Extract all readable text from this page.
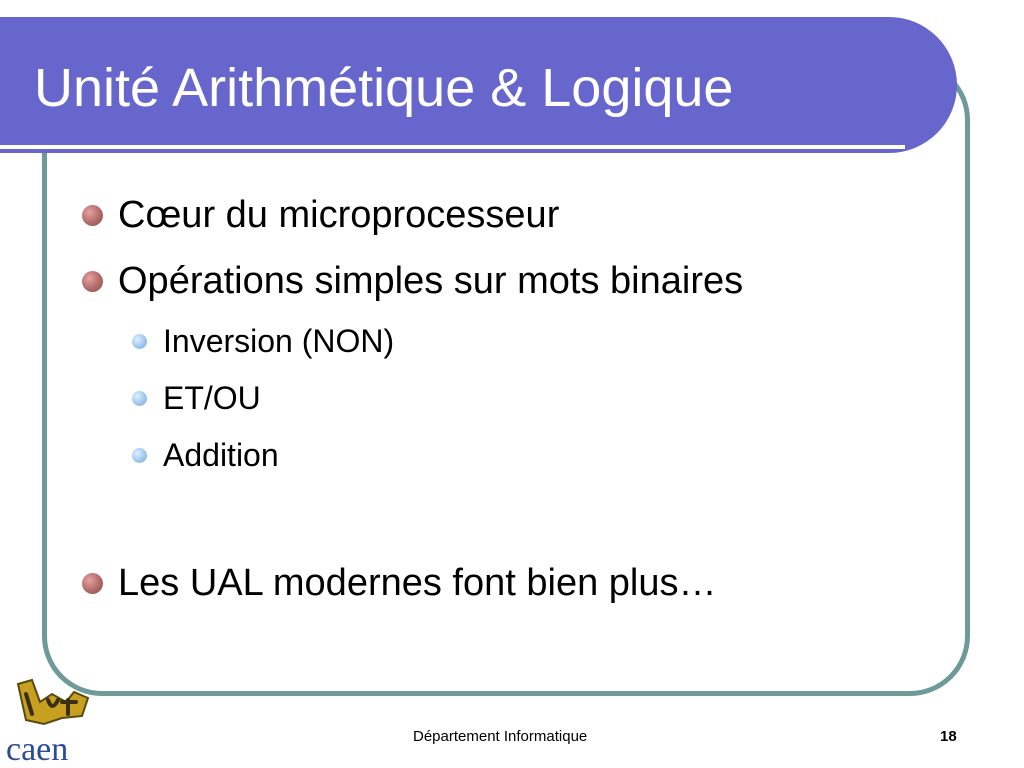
Unité Arithmétique & Logique
Cœur du microprocesseur
Opérations simples sur mots binaires
Inversion (NON)
ET/OU
Addition
Les UAL modernes font bien plus…
caen	Département Informatique	18
